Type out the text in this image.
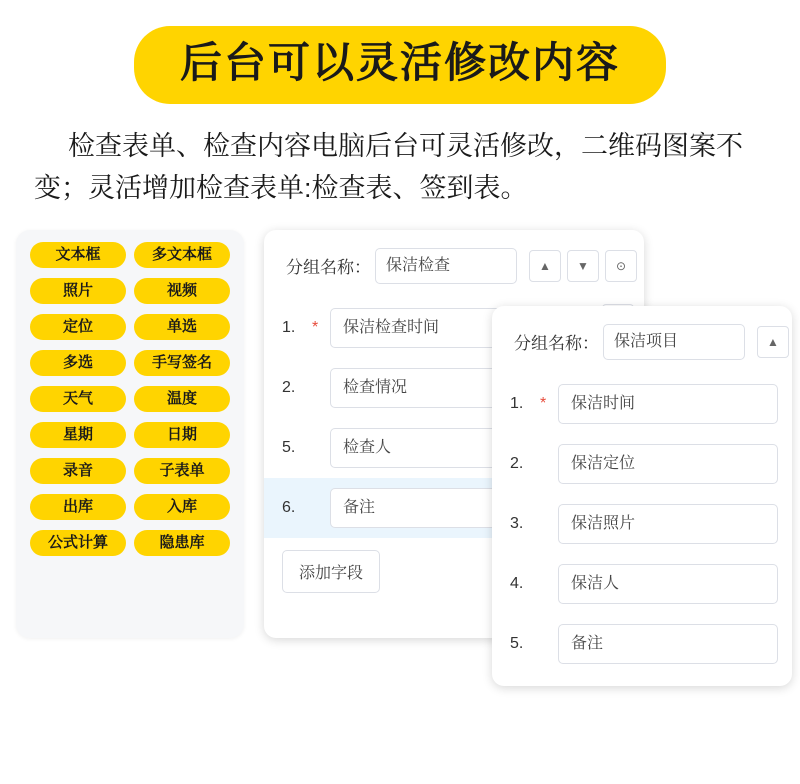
后台可以灵活修改内容
检查表单、检查内容电脑后台可灵活修改，二维码图案不变；灵活增加检查表单:检查表、签到表。
文本框	多文本框
照片	视频
定位	单选
多选	手写签名
天气	温度
星期	日期
录音	子表单
出库	入库
公式计算	隐患库
分组名称： 保洁检查	▲	▼	⊙
1.	*	保洁检查时间
2.	检查情况
5.	检查人
6.	备注
添加字段
分组名称： 保洁项目	▲
1.	*	保洁时间
2.	保洁定位
3.	保洁照片
4.	保洁人
5.	备注
